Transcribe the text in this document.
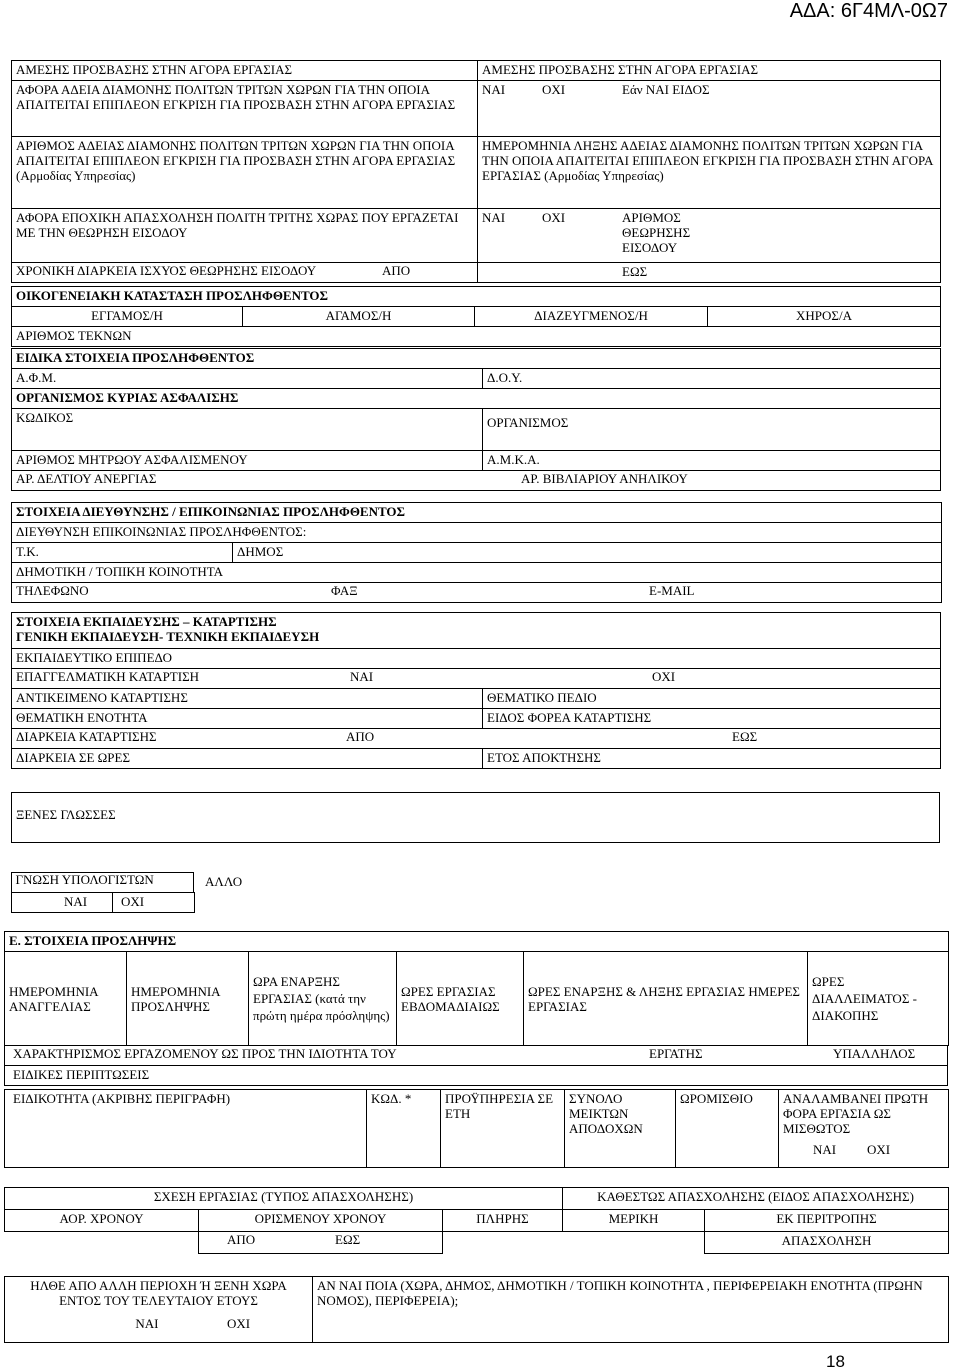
ΑΔΑ: 6Γ4ΜΛ-0Ω7
ΑΜΕΣΗΣ ΠΡΟΣΒΑΣΗΣ ΣΤΗΝ ΑΓΟΡΑ ΕΡΓΑΣΙΑΣ	ΑΜΕΣΗΣ ΠΡΟΣΒΑΣΗΣ ΣΤΗΝ ΑΓΟΡΑ ΕΡΓΑΣΙΑΣ
ΑΦΟΡΑ ΑΔΕΙΑ ΔΙΑΜΟΝΗΣ ΠΟΛΙΤΩΝ ΤΡΙΤΩΝ ΧΩΡΩΝ ΓΙΑ ΤΗΝ ΟΠΟΙΑ ΑΠΑΙΤΕΙΤΑΙ ΕΠΙΠΛΕΟΝ ΕΓΚΡΙΣΗ ΓΙΑ ΠΡΟΣΒΑΣΗ ΣΤΗΝ ΑΓΟΡΑ ΕΡΓΑΣΙΑΣ	ΝΑΙ ΟΧΙ Εάν ΝΑΙ ΕΙΔΟΣ
ΑΡΙΘΜΟΣ ΑΔΕΙΑΣ ΔΙΑΜΟΝΗΣ ΠΟΛΙΤΩΝ ΤΡΙΤΩΝ ΧΩΡΩΝ ΓΙΑ ΤΗΝ ΟΠΟΙΑ ΑΠΑΙΤΕΙΤΑΙ ΕΠΙΠΛΕΟΝ ΕΓΚΡΙΣΗ ΓΙΑ ΠΡΟΣΒΑΣΗ ΣΤΗΝ ΑΓΟΡΑ ΕΡΓΑΣΙΑΣ (Αρμοδίας Υπηρεσίας)	ΗΜΕΡΟΜΗΝΙΑ ΛΗΞΗΣ ΑΔΕΙΑΣ ΔΙΑΜΟΝΗΣ ΠΟΛΙΤΩΝ ΤΡΙΤΩΝ ΧΩΡΩΝ ΓΙΑ ΤΗΝ ΟΠΟΙΑ ΑΠΑΙΤΕΙΤΑΙ ΕΠΙΠΛΕΟΝ ΕΓΚΡΙΣΗ ΓΙΑ ΠΡΟΣΒΑΣΗ ΣΤΗΝ ΑΓΟΡΑ ΕΡΓΑΣΙΑΣ (Αρμοδίας Υπηρεσίας)
ΑΦΟΡΑ ΕΠΟΧΙΚΗ ΑΠΑΣΧΟΛΗΣΗ ΠΟΛΙΤΗ ΤΡΙΤΗΣ ΧΩΡΑΣ ΠΟΥ ΕΡΓΑΖΕΤΑΙ ΜΕ ΤΗΝ ΘΕΩΡΗΣΗ ΕΙΣΟΔΟΥ	ΝΑΙ ΟΧΙ ΑΡΙΘΜΟΣ ΘΕΩΡΗΣΗΣ ΕΙΣΟΔΟΥ
ΧΡΟΝΙΚΗ ΔΙΑΡΚΕΙΑ ΙΣΧΥΟΣ ΘΕΩΡΗΣΗΣ ΕΙΣΟΔΟΥ ΑΠΟ	ΕΩΣ
ΟΙΚΟΓΕΝΕΙΑΚΗ ΚΑΤΑΣΤΑΣΗ ΠΡΟΣΛΗΦΘΕΝΤΟΣ
ΕΓΓΑΜΟΣ/Η	ΑΓΑΜΟΣ/Η	ΔΙΑΖΕΥΓΜΕΝΟΣ/Η	ΧΗΡΟΣ/Α
ΑΡΙΘΜΟΣ ΤΕΚΝΩΝ
ΕΙΔΙΚΑ ΣΤΟΙΧΕΙΑ ΠΡΟΣΛΗΦΘΕΝΤΟΣ	
Α.Φ.Μ.	Δ.Ο.Υ.
ΟΡΓΑΝΙΣΜΟΣ ΚΥΡΙΑΣ ΑΣΦΑΛΙΣΗΣ	
ΚΩΔΙΚΟΣ	ΟΡΓΑΝΙΣΜΟΣ
ΑΡΙΘΜΟΣ ΜΗΤΡΩΟΥ ΑΣΦΑΛΙΣΜΕΝΟΥ	Α.Μ.Κ.Α.
ΑΡ. ΔΕΛΤΙΟΥ ΑΝΕΡΓΙΑΣ ΑΡ. ΒΙΒΛΙΑΡΙΟΥ ΑΝΗΛΙΚΟΥ	
ΣΤΟΙΧΕΙΑ ΔΙΕΥΘΥΝΣΗΣ / ΕΠΙΚΟΙΝΩΝΙΑΣ ΠΡΟΣΛΗΦΘΕΝΤΟΣ
ΔΙΕΥΘΥΝΣΗ ΕΠΙΚΟΙΝΩΝΙΑΣ ΠΡΟΣΛΗΦΘΕΝΤΟΣ:
Τ.Κ.	ΔΗΜΟΣ
ΔΗΜΟΤΙΚΗ / ΤΟΠΙΚΗ ΚΟΙΝΟΤΗΤΑ
ΤΗΛΕΦΩΝΟ	ΦΑΞ	E-MAIL
ΣΤΟΙΧΕΙΑ ΕΚΠΑΙΔΕΥΣΗΣ – ΚΑΤΑΡΤΙΣΗΣ
ΓΕΝΙΚΗ ΕΚΠΑΙΔΕΥΣΗ- ΤΕΧΝΙΚΗ ΕΚΠΑΙΔΕΥΣΗ	

ΕΚΠΑΙΔΕΥΤΙΚΟ ΕΠΙΠΕΔΟ	
ΕΠΑΓΓΕΛΜΑΤΙΚΗ ΚΑΤΑΡΤΙΣΗ ΝΑΙ ΟΧΙ	
ΑΝΤΙΚΕΙΜΕΝΟ ΚΑΤΑΡΤΙΣΗΣ	ΘΕΜΑΤΙΚΟ ΠΕΔΙΟ
ΘΕΜΑΤΙΚΗ ΕΝΟΤΗΤΑ	ΕΙΔΟΣ ΦΟΡΕΑ ΚΑΤΑΡΤΙΣΗΣ
ΔΙΑΡΚΕΙΑ ΚΑΤΑΡΤΙΣΗΣ ΑΠΟ ΕΩΣ	
ΔΙΑΡΚΕΙΑ ΣΕ ΩΡΕΣ	ΕΤΟΣ ΑΠΟΚΤΗΣΗΣ
ΞΕΝΕΣ ΓΛΩΣΣΕΣ
ΓΝΩΣΗ ΥΠΟΛΟΓΙΣΤΩΝ
ΝΑΙ	ΟΧΙ
ΑΛΛΟ
Ε. ΣΤΟΙΧΕΙΑ ΠΡΟΣΛΗΨΗΣ
ΗΜΕΡΟΜΗΝΙΑ ΑΝΑΓΓΕΛΙΑΣ	ΗΜΕΡΟΜΗΝΙΑ ΠΡΟΣΛΗΨΗΣ	ΩΡΑ ΕΝΑΡΞΗΣ ΕΡΓΑΣΙΑΣ (κατά την πρώτη ημέρα πρόσληψης)	ΩΡΕΣ ΕΡΓΑΣΙΑΣ ΕΒΔΟΜΑΔΙΑΙΩΣ	ΩΡΕΣ ΕΝΑΡΞΗΣ & ΛΗΞΗΣ ΕΡΓΑΣΙΑΣ ΗΜΕΡΕΣ ΕΡΓΑΣΙΑΣ	ΩΡΕΣ ΔΙΑΛΛΕΙΜΑΤΟΣ - ΔΙΑΚΟΠΗΣ
ΧΑΡΑΚΤΗΡΙΣΜΟΣ ΕΡΓΑΖΟΜΕΝΟΥ ΩΣ ΠΡΟΣ ΤΗΝ ΙΔΙΟΤΗΤΑ ΤΟΥ	ΕΡΓΑΤΗΣ	ΥΠΑΛΛΗΛΟΣ
ΕΙΔΙΚΕΣ ΠΕΡΙΠΤΩΣΕΙΣ
ΕΙΔΙΚΟΤΗΤΑ (ΑΚΡΙΒΗΣ ΠΕΡΙΓΡΑΦΗ)	ΚΩΔ. *	ΠΡΟΫΠΗΡΕΣΙΑ ΣΕ ΕΤΗ	ΣΥΝΟΛΟ ΜΕΙΚΤΩΝ ΑΠΟΔΟΧΩΝ	ΩΡΟΜΙΣΘΙΟ	ΑΝΑΛΑΜΒΑΝΕΙ ΠΡΩΤΗ ΦΟΡΑ ΕΡΓΑΣΙΑ ΩΣ ΜΙΣΘΩΤΟΣ
ΝΑΙ ΟΧΙ
ΣΧΕΣΗ ΕΡΓΑΣΙΑΣ (ΤΥΠΟΣ ΑΠΑΣΧΟΛΗΣΗΣ)			ΚΑΘΕΣΤΩΣ ΑΠΑΣΧΟΛΗΣΗΣ (ΕΙΔΟΣ ΑΠΑΣΧΟΛΗΣΗΣ)	
ΑΟΡ. ΧΡΟΝΟΥ	ΟΡΙΣΜΕΝΟΥ ΧΡΟΝΟΥ	ΠΛΗΡΗΣ	ΜΕΡΙΚΗ	ΕΚ ΠΕΡΙΤΡΟΠΗΣ
	ΑΠΟ ΕΩΣ			ΑΠΑΣΧΟΛΗΣΗ
ΗΛΘΕ ΑΠΟ ΑΛΛΗ ΠΕΡΙΟΧΗ Ή ΞΕΝΗ ΧΩΡΑ ΕΝΤΟΣ ΤΟΥ ΤΕΛΕΥΤΑΙΟΥ ΕΤΟΥΣ
ΝΑΙ	ΟΧΙ
	ΑΝ ΝΑΙ ΠΟΙΑ (ΧΩΡΑ, ΔΗΜΟΣ, ΔΗΜΟΤΙΚΗ / ΤΟΠΙΚΗ ΚΟΙΝΟΤΗΤΑ , ΠΕΡΙΦΕΡΕΙΑΚΗ ΕΝΟΤΗΤΑ (ΠΡΩΗΝ ΝΟΜΟΣ), ΠΕΡΙΦΕΡΕΙΑ);
18
